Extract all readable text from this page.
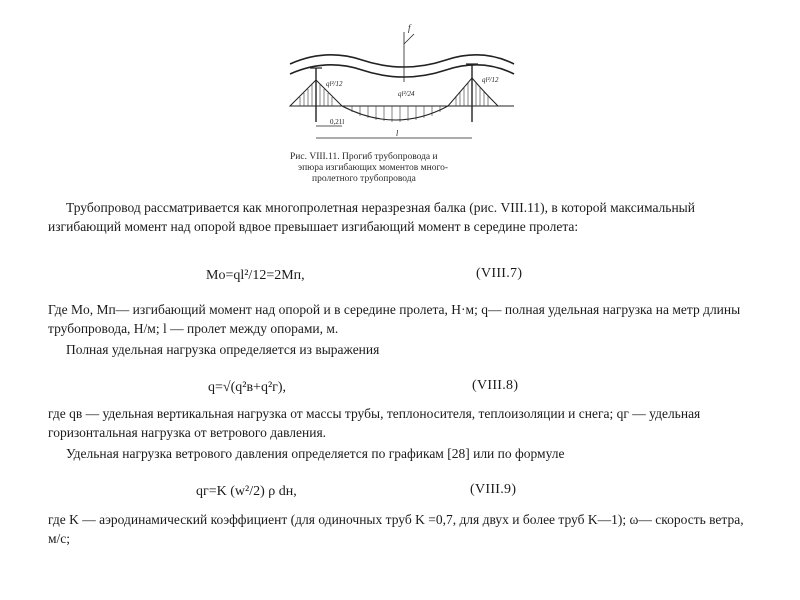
0,21l
l
f
ql²/12
ql²/24
ql²/12
Рис. VIII.11. Прогиб трубопровода и
эпюра изгибающих моментов много-
пролетного трубопровода
Трубопровод рассматривается как многопролетная неразрезная балка (рис. VIII.11), в которой максимальный изгибающий момент над опорой вдвое превышает изгибающий момент в середине пролета:
Mo=ql²/12=2Mп,	(VIII.7)
Где Mо, Mп— изгибающий момент над опорой и в середине пролета, Н·м; q— полная удельная нагрузка на метр длины трубопровода, Н/м; l — пролет между опорами, м.
Полная удельная нагрузка определяется из выражения
q=√(q²в+q²г),	(VIII.8)
где qв — удельная вертикальная нагрузка от массы трубы, теплоносителя, теплоизоляции и снега; qг — удельная горизонтальная нагрузка от ветрового давления.
Удельная нагрузка ветрового давления определяется по графикам [28] или по формуле
qг=K (w²/2) ρ dн,	(VIII.9)
где K — аэродинамический коэффициент (для одиночных труб K =0,7, для двух и более труб K—1); ω— скорость ветра, м/с;
